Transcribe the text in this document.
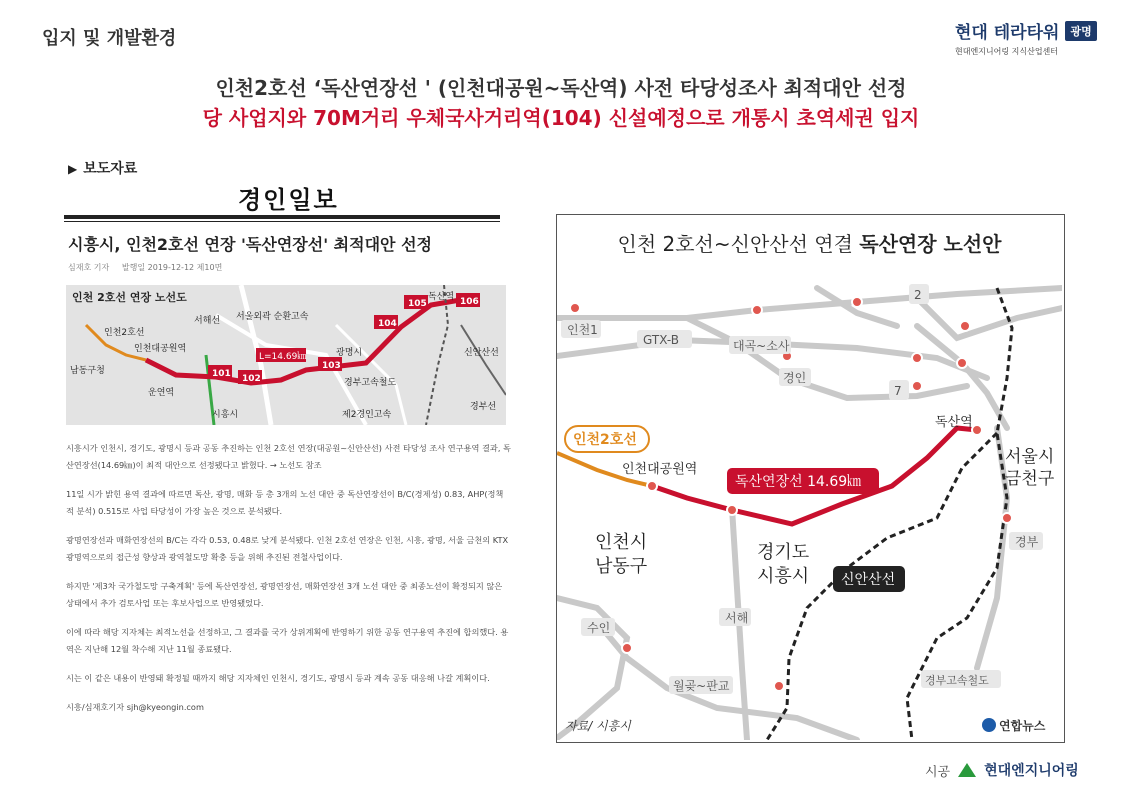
입지 및 개발환경	현대 테라타워	광명
현대엔지니어링 지식산업센터
인천2호선 ‘독산연장선 ' (인천대공원~독산역) 사전 타당성조사 최적대안 선정
당 사업지와 70M거리 우체국사거리역(104) 신설예정으로 개통시 초역세권 입지
▶ 보도자료
경인일보
시흥시, 인천2호선 연장 '독산연장선' 최적대안 선정
심재호 기자 발행일 2019-12-12 제10면
101 102
103
104
105	106
L=14.69㎞
인천 2호선 연장 노선도
인천2호선
인천대공원역
남동구청
운연역
서해선 서울외곽 순환고속
시흥시
광명시
경부고속철도
제2경인고속
독산역
신안산선
경부선

시흥시가 인천시, 경기도, 광명시 등과 공동 추진하는 인천 2호선 연장(대공원~신안산선) 사전 타당성 조사 연구용역 결과, 독산연장선(14.69㎞)이 최적 대안으로 선정됐다고 밝혔다. → 노선도 참조

11일 시가 밝힌 용역 결과에 따르면 독산, 광명, 매화 등 총 3개의 노선 대안 중 독산연장선이 B/C(경제성) 0.83, AHP(정책적 분석) 0.515로 사업 타당성이 가장 높은 것으로 분석됐다.

광명연장선과 매화연장선의 B/C는 각각 0.53, 0.48로 낮게 분석됐다. 인천 2호선 연장은 인천, 시흥, 광명, 서울 금천의 KTX 광명역으로의 접근성 향상과 광역철도망 확충 등을 위해 추진된 전철사업이다.

하지만 '제3차 국가철도망 구축계획' 등에 독산연장선, 광명연장선, 매화연장선 3개 노선 대안 중 최종노선이 확정되지 않은 상태에서 추가 검토사업 또는 후보사업으로 반영됐었다.

이에 따라 해당 지자체는 최적노선을 선정하고, 그 결과를 국가 상위계획에 반영하기 위한 공동 연구용역 추진에 합의했다. 용역은 지난해 12월 착수해 지난 11월 종료됐다.

시는 이 같은 내용이 반영돼 확정될 때까지 해당 지자체인 인천시, 경기도, 광명시 등과 계속 공동 대응해 나갈 계획이다.

시흥/심재호기자 sjh@kyeongin.com

인천 2호선~신안산선 연결 독산연장 노선안
인천1
GTX-B	대곡~소사
경인
2
7
수인
서해
월곶~판교
경부
경부고속철도
인천2호선
인천대공원역
독산연장선 14.69㎞
독산역
서울시
금천구
인천시
남동구
경기도
시흥시 신안산선
자료/ 시흥시	연합뉴스
시공 현대엔지니어링
